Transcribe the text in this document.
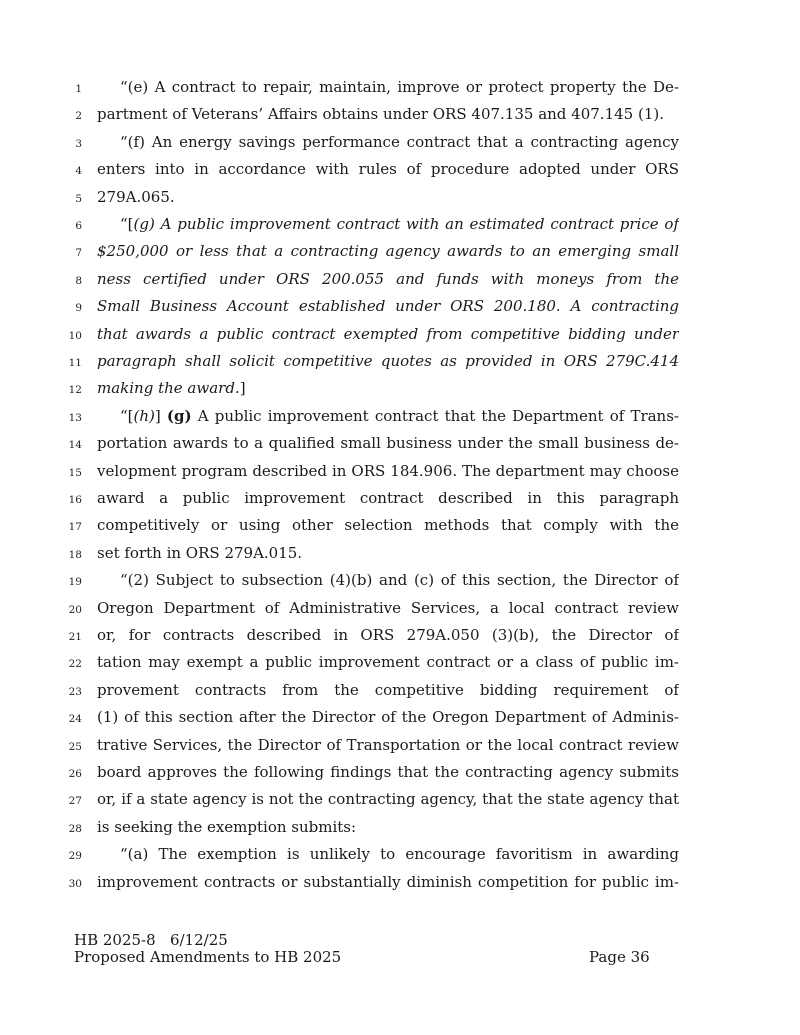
1	“(e) A contract to repair, maintain, improve or protect property the De-
2 partment of Veterans’ Affairs obtains under ORS 407.135 and 407.145 (1).
3	“(f) An energy savings performance contract that a contracting agency
4 enters into in accordance with rules of procedure adopted under ORS
5 279A.065.
6	“[(g) A public improvement contract with an estimated contract price of
7 $250,000 or less that a contracting agency awards to an emerging small
8 ness certified under ORS 200.055 and funds with moneys from the
9 Small Business Account established under ORS 200.180. A contracting
10 that awards a public contract exempted from competitive bidding under
11 paragraph shall solicit competitive quotes as provided in ORS 279C.414
12 making the award.]
13	“[(h)] (g) A public improvement contract that the Department of Trans-
14 portation awards to a qualified small business under the small business de-
15 velopment program described in ORS 184.906. The department may choose
16 award a public improvement contract described in this paragraph
17 competitively or using other selection methods that comply with the
18 set forth in ORS 279A.015.
19	“(2) Subject to subsection (4)(b) and (c) of this section, the Director of
20 Oregon Department of Administrative Services, a local contract review
21 or, for contracts described in ORS 279A.050 (3)(b), the Director of
22 tation may exempt a public improvement contract or a class of public im-
23 provement contracts from the competitive bidding requirement of
24 (1) of this section after the Director of the Oregon Department of Adminis-
25 trative Services, the Director of Transportation or the local contract review
26 board approves the following findings that the contracting agency submits
27 or, if a state agency is not the contracting agency, that the state agency that
28 is seeking the exemption submits:
29	“(a) The exemption is unlikely to encourage favoritism in awarding
30 improvement contracts or substantially diminish competition for public im-
HB 2025-8   6/12/25
Proposed Amendments to HB 2025	Page 36
